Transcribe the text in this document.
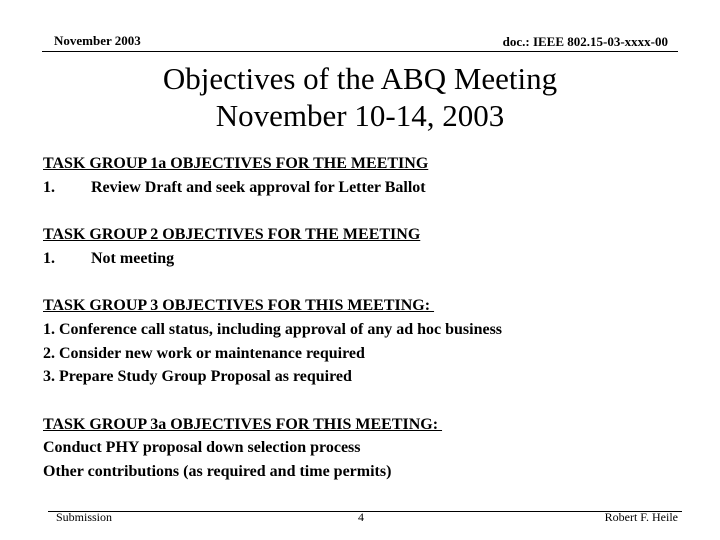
November 2003	doc.: IEEE 802.15-03-xxxx-00
Objectives of the ABQ Meeting
November 10-14, 2003
TASK GROUP 1a OBJECTIVES FOR THE MEETING
1. Review Draft and seek approval for Letter Ballot
TASK GROUP 2 OBJECTIVES FOR THE MEETING
1. Not meeting
TASK GROUP 3 OBJECTIVES FOR THIS MEETING:
1. Conference call status, including approval of any ad hoc business
2. Consider new work or maintenance required
3. Prepare Study Group Proposal as required
TASK GROUP 3a OBJECTIVES FOR THIS MEETING:
Conduct PHY proposal down selection process
Other contributions (as required and time permits)
Submission	4	Robert F. Heile
